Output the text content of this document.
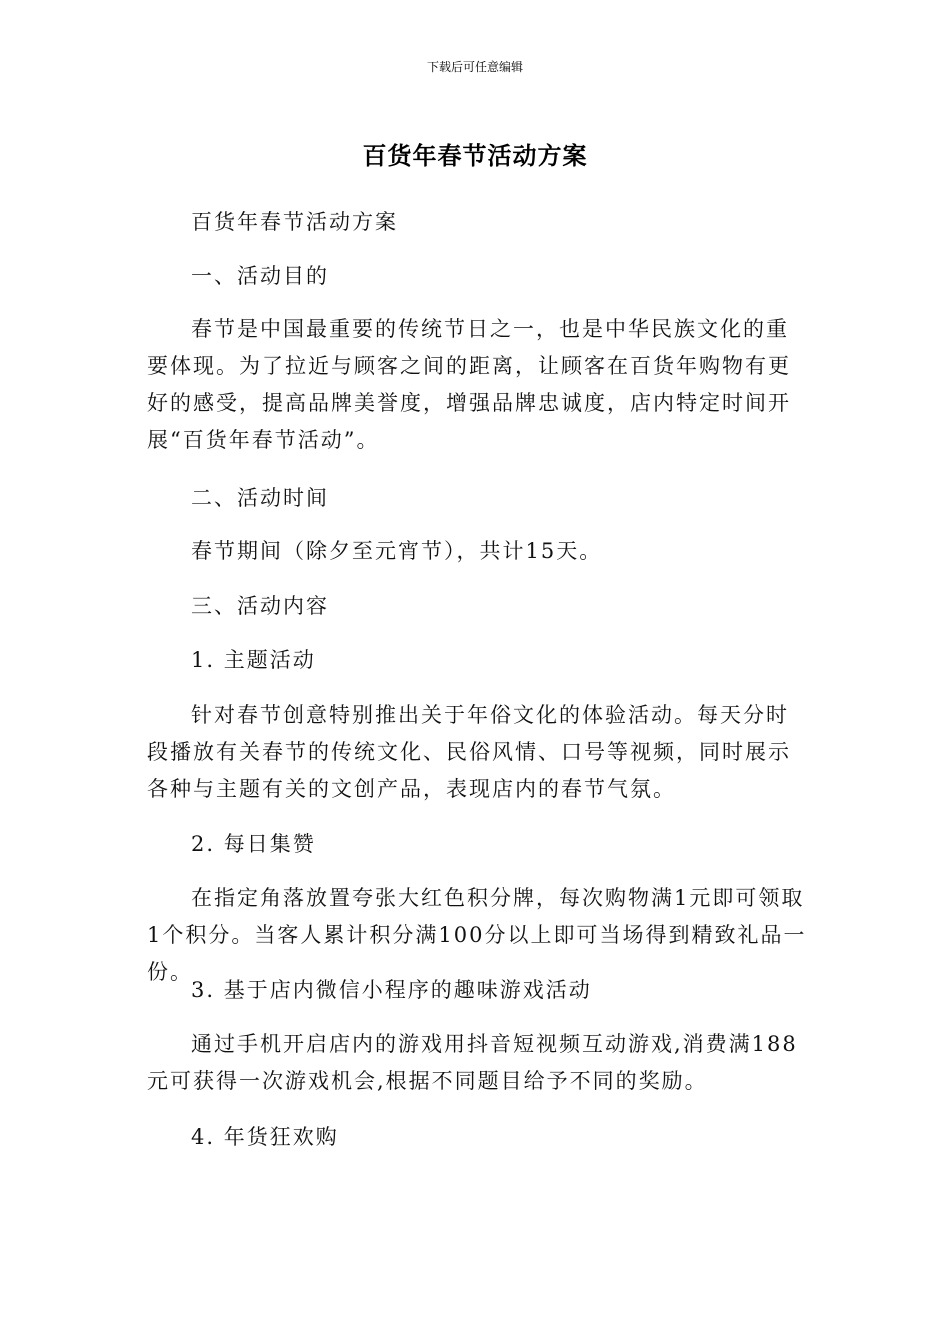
下载后可任意编辑
百货年春节活动方案
百货年春节活动方案
一、活动目的
春节是中国最重要的传统节日之一，也是中华民族文化的重要体现。为了拉近与顾客之间的距离，让顾客在百货年购物有更好的感受，提高品牌美誉度，增强品牌忠诚度，店内特定时间开展“百货年春节活动”。
二、活动时间
春节期间（除夕至元宵节），共计15天。
三、活动内容
1. 主题活动
针对春节创意特别推出关于年俗文化的体验活动。每天分时段播放有关春节的传统文化、民俗风情、口号等视频，同时展示各种与主题有关的文创产品，表现店内的春节气氛。
2. 每日集赞
在指定角落放置夸张大红色积分牌，每次购物满1元即可领取1个积分。当客人累计积分满100分以上即可当场得到精致礼品一份。
3. 基于店内微信小程序的趣味游戏活动
通过手机开启店内的游戏用抖音短视频互动游戏,消费满188元可获得一次游戏机会,根据不同题目给予不同的奖励。
4. 年货狂欢购
